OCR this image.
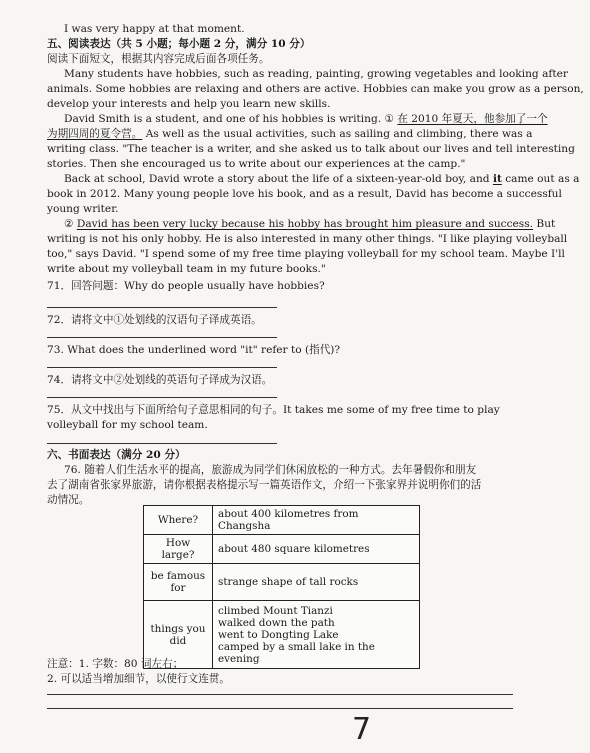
I was very happy at that moment.
五、阅读表达（共 5 小题；每小题 2 分，满分 10 分）
阅读下面短文，根据其内容完成后面各项任务。
Many students have hobbies, such as reading, painting, growing vegetables and looking after
animals. Some hobbies are relaxing and others are active. Hobbies can make you grow as a person,
develop your interests and help you learn new skills.
David Smith is a student, and one of his hobbies is writing. ① 在 2010 年夏天，他参加了一个
为期四周的夏令营。 As well as the usual activities, such as sailing and climbing, there was a
writing class. "The teacher is a writer, and she asked us to talk about our lives and tell interesting
stories. Then she encouraged us to write about our experiences at the camp."
Back at school, David wrote a story about the life of a sixteen-year-old boy, and it came out as a
book in 2012. Many young people love his book, and as a result, David has become a successful
young writer.
② David has been very lucky because his hobby has brought him pleasure and success. But
writing is not his only hobby. He is also interested in many other things. "I like playing volleyball
too," says David. "I spend some of my free time playing volleyball for my school team. Maybe I'll
write about my volleyball team in my future books."
71．回答问题：Why do people usually have hobbies?
72．请将文中①处划线的汉语句子译成英语。
73. What does the underlined word "it" refer to (指代)?
74．请将文中②处划线的英语句子译成为汉语。
75．从文中找出与下面所给句子意思相同的句子。It takes me some of my free time to play
volleyball for my school team.
六、书面表达（满分 20 分）
76. 随着人们生活水平的提高，旅游成为同学们休闲放松的一种方式。去年暑假你和朋友
去了湖南省张家界旅游，请你根据表格提示写一篇英语作文，介绍一下张家界并说明你们的活
动情况。
Where?	about 400 kilometres from Changsha
How large?	about 480 square kilometres
be famous for	strange shape of tall rocks
things you did	climbed Mount Tianzi
walked down the path
went to Dongting Lake
camped by a small lake in the evening
注意：1. 字数：80 词左右；
2. 可以适当增加细节，以使行文连贯。
7
